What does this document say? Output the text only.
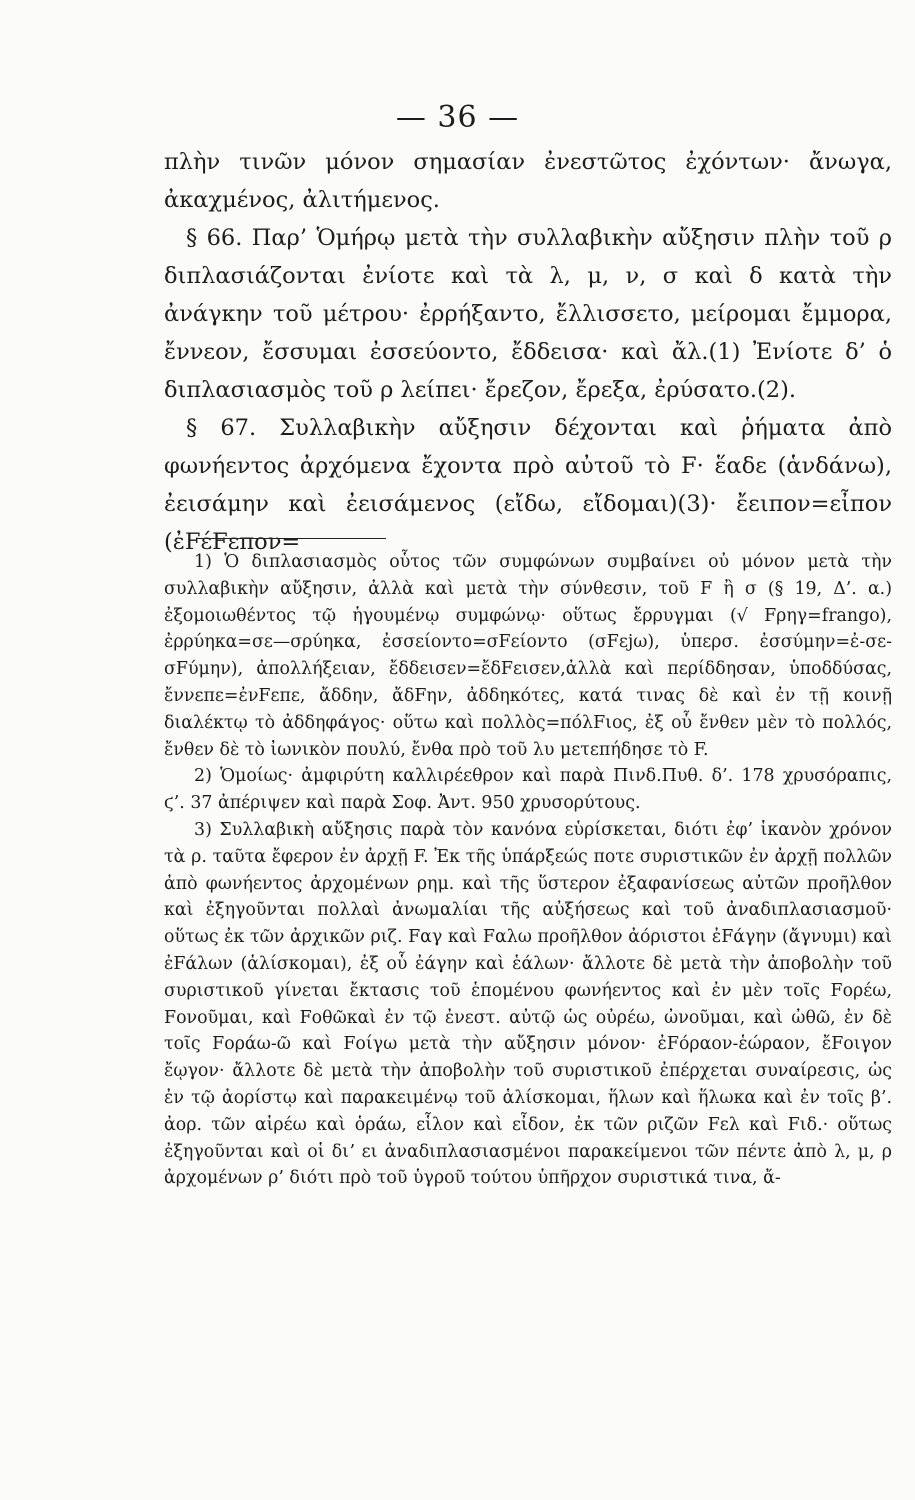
— 36 —

πλὴν τινῶν μόνον σημασίαν ἐνεστῶτος ἐχόντων· ἄνωγα, ἀκαχμένος, ἀλιτήμενος.

§ 66. Παρ’ Ὁμήρῳ μετὰ τὴν συλλαβικὴν αὔξησιν πλὴν τοῦ ρ διπλασιάζονται ἐνίοτε καὶ τὰ λ, μ, ν, σ καὶ δ κατὰ τὴν ἀνάγκην τοῦ μέτρου· ἐρρήξαντο, ἔλλισσετο, μείρομαι ἔμμορα, ἔννεον, ἔσσυμαι ἐσσεύοντο, ἔδδεισα· καὶ ἄλ.(1) Ἐνίοτε δ’ ὁ διπλασιασμὸς τοῦ ρ λείπει· ἔρεζον, ἔρεξα, ἐρύσατο.(2).

§ 67. Συλλαβικὴν αὔξησιν δέχονται καὶ ῥήματα ἀπὸ φωνήεντος ἀρχόμενα ἔχοντα πρὸ αὐτοῦ τὸ F· ἕαδε (ἁνδάνω), ἐεισάμην καὶ ἐεισάμενος (εἴδω, εἴδομαι)(3)· ἔειπον=εἶπον (ἐFέFεπον=

1) Ὁ διπλασιασμὸς οὗτος τῶν συμφώνων συμβαίνει οὐ μόνον μετὰ τὴν συλλαβικὴν αὔξησιν, ἀλλὰ καὶ μετὰ τὴν σύνθεσιν, τοῦ F ἢ σ (§ 19, Δ’. α.) ἐξομοιωθέντος τῷ ἡγουμένῳ συμφώνῳ· οὕτως ἔρρυγμαι (√ Fρηγ=frango), ἐρρύηκα=σε—σρύηκα, ἐσσείοντο=σFείοντο (σFεjω), ὑπερσ. ἐσσύμην=ἐ-σε-σFύμην), ἀπολλήξειαν, ἔδδεισεν=ἔδFεισεν,ἀλλὰ καὶ περίδδησαν, ὑποδδύσας, ἔννεπε=ἐνFεπε, ἄδδην, ἄδFην, ἀδδηκότες, κατά τινας δὲ καὶ ἐν τῇ κοινῇ διαλέκτῳ τὸ ἀδδηφάγος· οὕτω καὶ πολλὸς=πόλFιος, ἐξ οὗ ἔνθεν μὲν τὸ πολλός, ἔνθεν δὲ τὸ ἰωνικὸν πουλύ, ἔνθα πρὸ τοῦ λυ μετεπήδησε τὸ F.

2) Ὁμοίως· ἀμφιρύτη καλλιρέεθρον καὶ παρὰ Πινδ.Πυθ. δ’. 178 χρυσόραπις, ϛ’. 37 ἀπέριψεν καὶ παρὰ Σοφ. Ἀντ. 950 χρυσορύτους.

3) Συλλαβικὴ αὔξησις παρὰ τὸν κανόνα εὑρίσκεται, διότι ἐφ’ ἱκανὸν χρόνον τὰ ρ. ταῦτα ἔφερον ἐν ἀρχῇ F. Ἐκ τῆς ὑπάρξεώς ποτε συριστικῶν ἐν ἀρχῇ πολλῶν ἀπὸ φωνήεντος ἀρχομένων ρημ. καὶ τῆς ὕστερον ἐξαφανίσεως αὐτῶν προῆλθον καὶ ἐξηγοῦνται πολλαὶ ἀνωμαλίαι τῆς αὐξήσεως καὶ τοῦ ἀναδιπλασιασμοῦ· οὕτως ἐκ τῶν ἀρχικῶν ριζ. Fαγ καὶ Fαλω προῆλθον ἀόριστοι ἐFάγην (ἄγνυμι) καὶ ἐFάλων (ἁλίσκομαι), ἐξ οὗ ἐάγην καὶ ἑάλων· ἄλλοτε δὲ μετὰ τὴν ἀποβολὴν τοῦ συριστικοῦ γίνεται ἔκτασις τοῦ ἑπομένου φωνήεντος καὶ ἐν μὲν τοῖς Fορέω, Fονοῦμαι, καὶ Fοθῶκαὶ ἐν τῷ ἐνεστ. αὐτῷ ὡς οὐρέω, ὠνοῦμαι, καὶ ὠθῶ, ἐν δὲ τοῖς Fοράω-ῶ καὶ Fοίγω μετὰ τὴν αὔξησιν μόνον· ἐFόραον-ἑώραον, ἔFοιγον ἔῳγον· ἄλλοτε δὲ μετὰ τὴν ἀποβολὴν τοῦ συριστικοῦ ἐπέρχεται συναίρεσις, ὡς ἐν τῷ ἀορίστῳ καὶ παρακειμένῳ τοῦ ἁλίσκομαι, ἥλων καὶ ἥλωκα καὶ ἐν τοῖς β’. ἀορ. τῶν αἱρέω καὶ ὁράω, εἷλον καὶ εἶδον, ἐκ τῶν ριζῶν Fελ καὶ Fιδ.· οὕτως ἐξηγοῦνται καὶ οἱ διʼ ει ἀναδιπλασιασμένοι παρακείμενοι τῶν πέντε ἀπὸ λ, μ, ρ ἀρχομένων ρ’ διότι πρὸ τοῦ ὑγροῦ τούτου ὑπῆρχον συριστικά τινα, ἄ-
